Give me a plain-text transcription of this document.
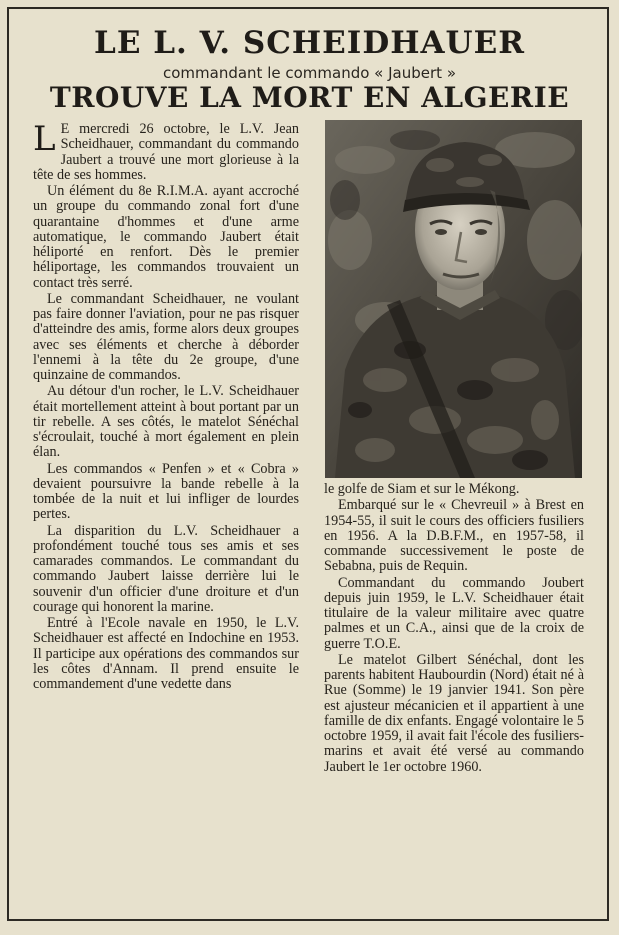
LE L. V. SCHEIDHAUER
commandant le commando « Jaubert »
TROUVE LA MORT EN ALGERIE

L E mercredi 26 octobre, le L.V. Jean Scheidhauer, commandant du commando Jaubert a trouvé une mort glorieuse à la tête de ses hommes.

Un élément du 8e R.I.M.A. ayant accroché un groupe du commando zonal fort d'une quarantaine d'hommes et d'une arme automatique, le commando Jaubert était héliporté en renfort. Dès le premier héliportage, les commandos trouvaient un contact très serré.

Le commandant Scheidhauer, ne voulant pas faire donner l'aviation, pour ne pas risquer d'atteindre des amis, forme alors deux groupes avec ses éléments et cherche à déborder l'ennemi à la tête du 2e groupe, d'une quinzaine de commandos.

Au détour d'un rocher, le L.V. Scheidhauer était mortellement atteint à bout portant par un tir rebelle. A ses côtés, le matelot Sénéchal s'écroulait, touché à mort également en plein élan.

Les commandos « Penfen » et « Cobra » devaient poursuivre la bande rebelle à la tombée de la nuit et lui infliger de lourdes pertes.

La disparition du L.V. Scheidhauer a profondément touché tous ses amis et ses camarades commandos. Le commandant du commando Jaubert laisse derrière lui le souvenir d'un officier d'une droiture et d'un courage qui honorent la marine.

Entré à l'Ecole navale en 1950, le L.V. Scheidhauer est affecté en Indochine en 1953. Il participe aux opérations des commandos sur les côtes d'Annam. Il prend ensuite le commandement d'une vedette dans

le golfe de Siam et sur le Mékong.

Embarqué sur le « Chevreuil » à Brest en 1954-55, il suit le cours des officiers fusiliers en 1956. A la D.B.F.M., en 1957-58, il commande successivement le poste de Sebabna, puis de Requin.

Commandant du commando Joubert depuis juin 1959, le L.V. Scheidhauer était titulaire de la valeur militaire avec quatre palmes et un C.A., ainsi que de la croix de guerre T.O.E.

Le matelot Gilbert Sénéchal, dont les parents habitent Haubourdin (Nord) était né à Rue (Somme) le 19 janvier 1941. Son père est ajusteur mécanicien et il appartient à une famille de dix enfants. Engagé volontaire le 5 octobre 1959, il avait fait l'école des fusiliers-marins et avait été versé au commando Jaubert le 1er octobre 1960.
